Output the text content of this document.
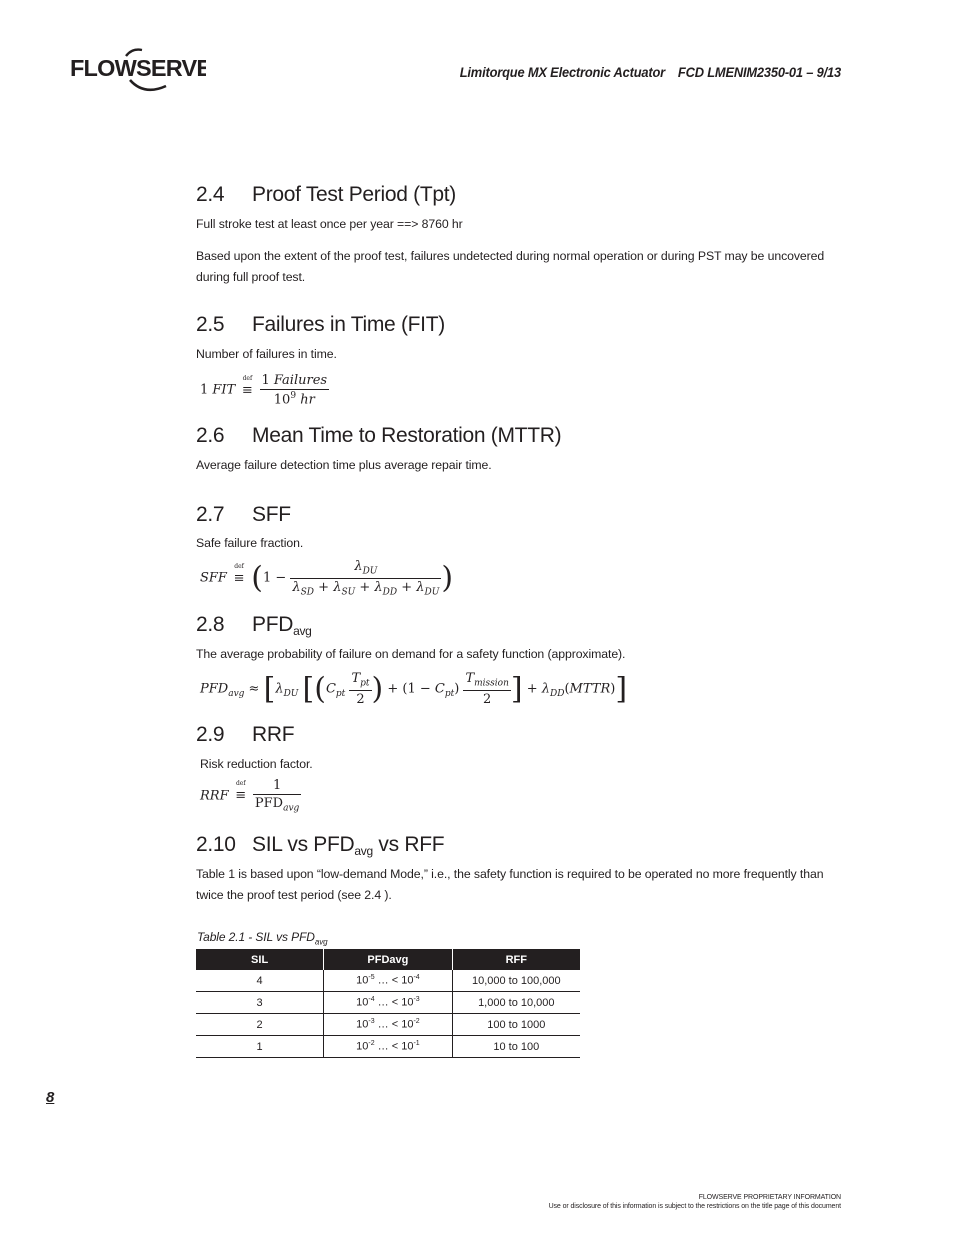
FLOWSERVE	Limitorque MX Electronic Actuator FCD LMENIM2350-01 – 9/13
2.4 Proof Test Period (Tpt)

Full stroke test at least once per year ==> 8760 hr

Based upon the extent of the proof test, failures undetected during normal operation or during PST may be uncovered during full proof test.

2.5 Failures in Time (FIT)

Number of failures in time.

1 FIT
def
≡ $\frac{\text{1 Failures}}{10^9 hr}$
2.6 Mean Time to Restoration (MTTR)

Average failure detection time plus average repair time.

2.7 SFF

Safe failure fraction.

SFF
def
≡ ($1 - \frac{\lambda_{DU}}{\lambda_{SD} + \lambda_{SU} + \lambda_{DD} + \lambda_{DU}}$ )
2.8 $PFD_{avg}$

The average probability of failure on demand for a safety function (approximate).

$PFD_{avg} \approx [\lambda_{DU}$ [($C_{pt} \frac{T_{pt}}{2}$ ) + $(1 - C_{pt}) \frac{T_{mission}}{2}$ ] + $\lambda_{DD}(MTTR)$]
2.9 RRF

Risk reduction factor.

RRF
def
≡ $\frac{1}{PFD_{avg}}$
2.10 SIL vs $PFD_{avg}$ vs RFF

Table 1 is based upon “low-demand Mode,” i.e., the safety function is required to be operated no more frequently than twice the proof test period (see 2.4 ).

Table 2.1 - SIL vs $PFD_{avg}$
SIL	PFDavg	RFF
4	$10^{-5}$ … < $10^{-4}$	10,000 to 100,000
3	$10^{-4}$ … < $10^{-3}$	1,000 to 10,000
2	$10^{-3}$ … < $10^{-2}$	100 to 1000
1	$10^{-2}$ … < $10^{-1}$	10 to 100
8
FLOWSERVE PROPRIETARY INFORMATION
Use or disclosure of this information is subject to the restrictions on the title page of this document
